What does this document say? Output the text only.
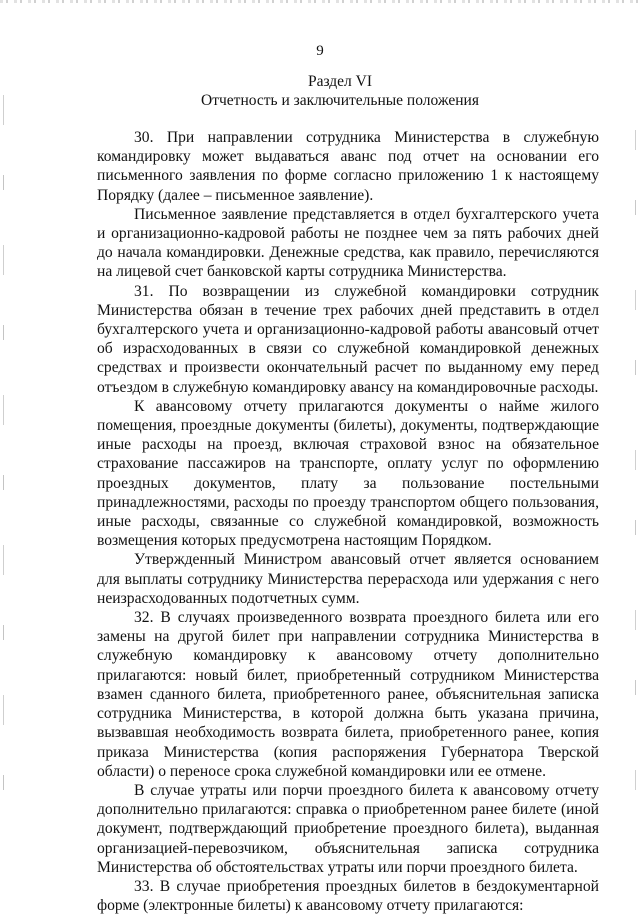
9
Раздел VI
Отчетность и заключительные положения

30. При направлении сотрудника Министерства в служебную командировку может выдаваться аванс под отчет на основании его письменного заявления по форме согласно приложению 1 к настоящему Порядку (далее – письменное заявление).

Письменное заявление представляется в отдел бухгалтерского учета и организационно-кадровой работы не позднее чем за пять рабочих дней до начала командировки. Денежные средства, как правило, перечисляются на лицевой счет банковской карты сотрудника Министерства.

31. По возвращении из служебной командировки сотрудник Министерства обязан в течение трех рабочих дней представить в отдел бухгалтерского учета и организационно-кадровой работы авансовый отчет об израсходованных в связи со служебной командировкой денежных средствах и произвести окончательный расчет по выданному ему перед отъездом в служебную командировку авансу на командировочные расходы.

К авансовому отчету прилагаются документы о найме жилого помещения, проездные документы (билеты), документы, подтверждающие иные расходы на проезд, включая страховой взнос на обязательное страхование пассажиров на транспорте, оплату услуг по оформлению проездных документов, плату за пользование постельными принадлежностями, расходы по проезду транспортом общего пользования, иные расходы, связанные со служебной командировкой, возможность возмещения которых предусмотрена настоящим Порядком.

Утвержденный Министром авансовый отчет является основанием для выплаты сотруднику Министерства перерасхода или удержания с него неизрасходованных подотчетных сумм.

32. В случаях произведенного возврата проездного билета или его замены на другой билет при направлении сотрудника Министерства в служебную командировку к авансовому отчету дополнительно прилагаются: новый билет, приобретенный сотрудником Министерства взамен сданного билета, приобретенного ранее, объяснительная записка сотрудника Министерства, в которой должна быть указана причина, вызвавшая необходимость возврата билета, приобретенного ранее, копия приказа Министерства (копия распоряжения Губернатора Тверской области) о переносе срока служебной командировки или ее отмене.

В случае утраты или порчи проездного билета к авансовому отчету дополнительно прилагаются: справка о приобретенном ранее билете (иной документ, подтверждающий приобретение проездного билета), выданная организацией-перевозчиком, объяснительная записка сотрудника Министерства об обстоятельствах утраты или порчи проездного билета.

33. В случае приобретения проездных билетов в бездокументарной форме (электронные билеты) к авансовому отчету прилагаются:
